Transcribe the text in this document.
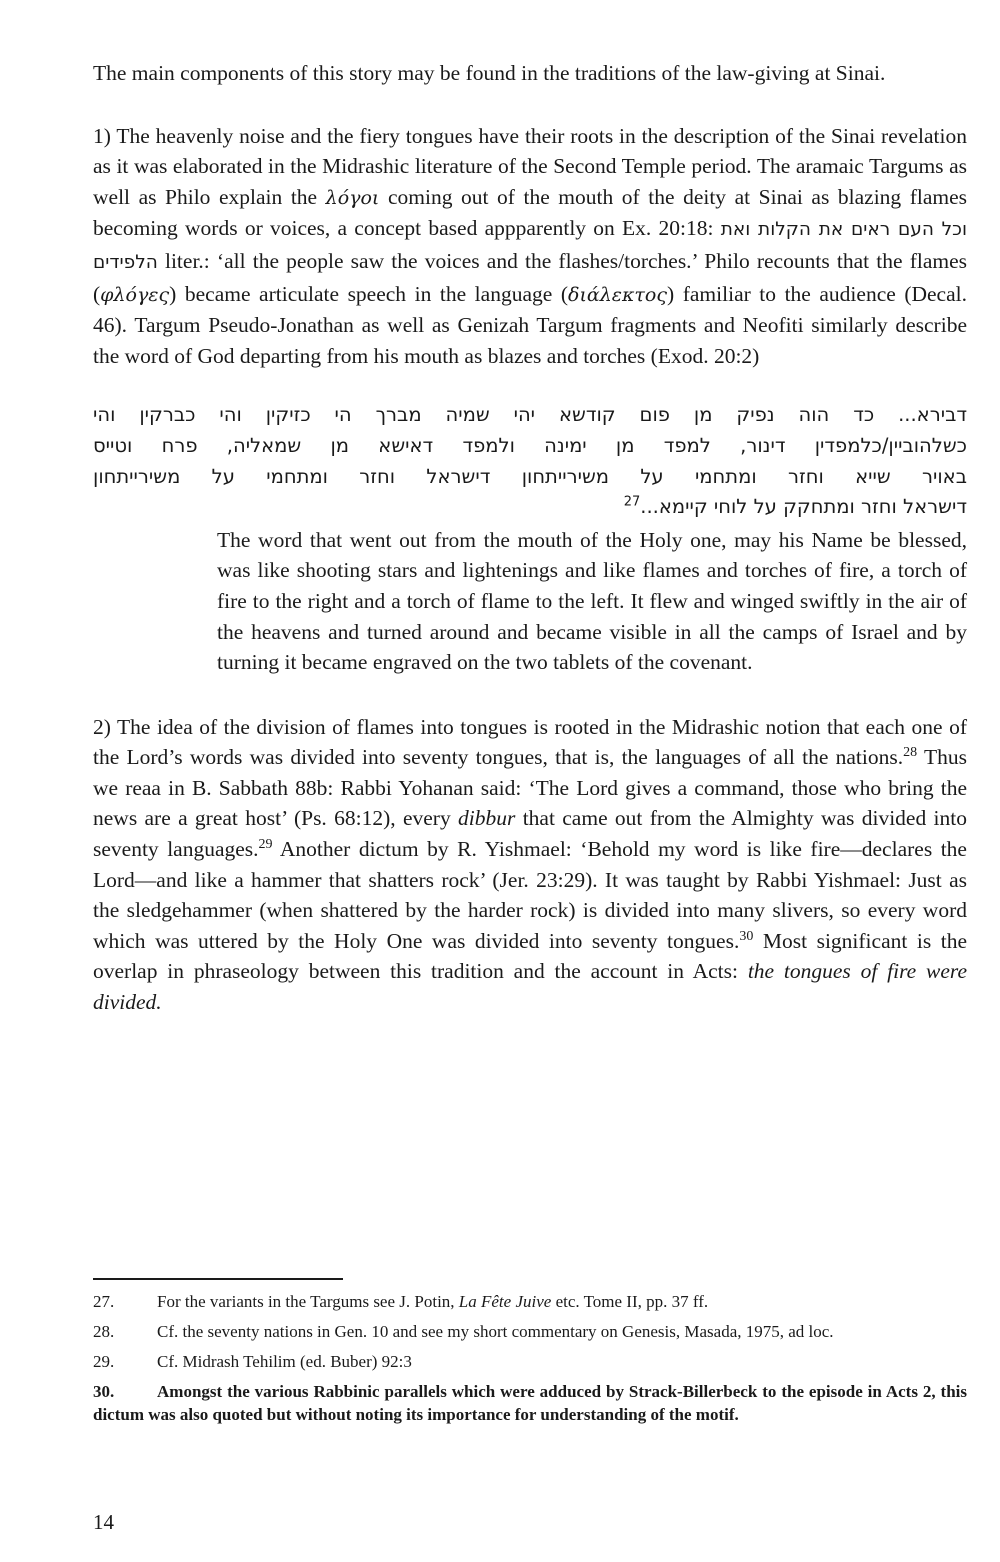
The main components of this story may be found in the traditions of the law-giving at Sinai.

1) The heavenly noise and the fiery tongues have their roots in the description of the Sinai revelation as it was elaborated in the Midrashic literature of the Second Temple period. The aramaic Targums as well as Philo explain the λόγοι coming out of the mouth of the deity at Sinai as blazing flames becoming words or voices, a concept based appparently on Ex. 20:18: וכל העם ראים את הקלות ואת הלפידים liter.: ‘all the people saw the voices and the flashes/torches.’ Philo recounts that the flames (φλόγες) became articulate speech in the language (διάλεκτος) familiar to the audience (Decal. 46). Targum Pseudo-Jonathan as well as Genizah Targum fragments and Neofiti similarly describe the word of God departing from his mouth as blazes and torches (Exod. 20:2)

דבירא... כד הוה נפיק מן פום קודשא יהי שמיה מברך הי כזיקין והי כברקין והי
כשלהוביין/כלמפדין דינור, למפד מן ימינה ולמפד דאישא מן שמאליה, פרח וטייס
באויר שייא וחזר ומתחמי על משירייתחון דישראל וחזר ומתחמי על משירייתחון
דישראל וחזר ומתחקק על לוחי קיימא...$^{27}$

The word that went out from the mouth of the Holy one, may his Name be blessed, was like shooting stars and lightenings and like flames and torches of fire, a torch of fire to the right and a torch of flame to the left. It flew and winged swiftly in the air of the heavens and turned around and became visible in all the camps of Israel and by turning it became engraved on the two tablets of the covenant.

2) The idea of the division of flames into tongues is rooted in the Midrashic notion that each one of the Lord’s words was divided into seventy tongues, that is, the languages of all the nations.$^{28}$ Thus we reaa in B. Sabbath 88b: Rabbi Yohanan said: ‘The Lord gives a command, those who bring the news are a great host’ (Ps. 68:12), every dibbur that came out from the Almighty was divided into seventy languages.$^{29}$ Another dictum by R. Yishmael: ‘Behold my word is like fire—declares the Lord—and like a hammer that shatters rock’ (Jer. 23:29). It was taught by Rabbi Yishmael: Just as the sledgehammer (when shattered by the harder rock) is divided into many slivers, so every word which was uttered by the Holy One was divided into seventy tongues.$^{30}$ Most significant is the overlap in phraseology between this tradition and the account in Acts: the tongues of fire were divided.

27.	For the variants in the Targums see J. Potin, La Fête Juive etc. Tome II, pp. 37 ff.

28.	Cf. the seventy nations in Gen. 10 and see my short commentary on Genesis, Masada, 1975, ad loc.

29.	Cf. Midrash Tehilim (ed. Buber) 92:3

30.	Amongst the various Rabbinic parallels which were adduced by Strack-Billerbeck to the episode in Acts 2, this dictum was also quoted but without noting its importance for understanding of the motif.

14
